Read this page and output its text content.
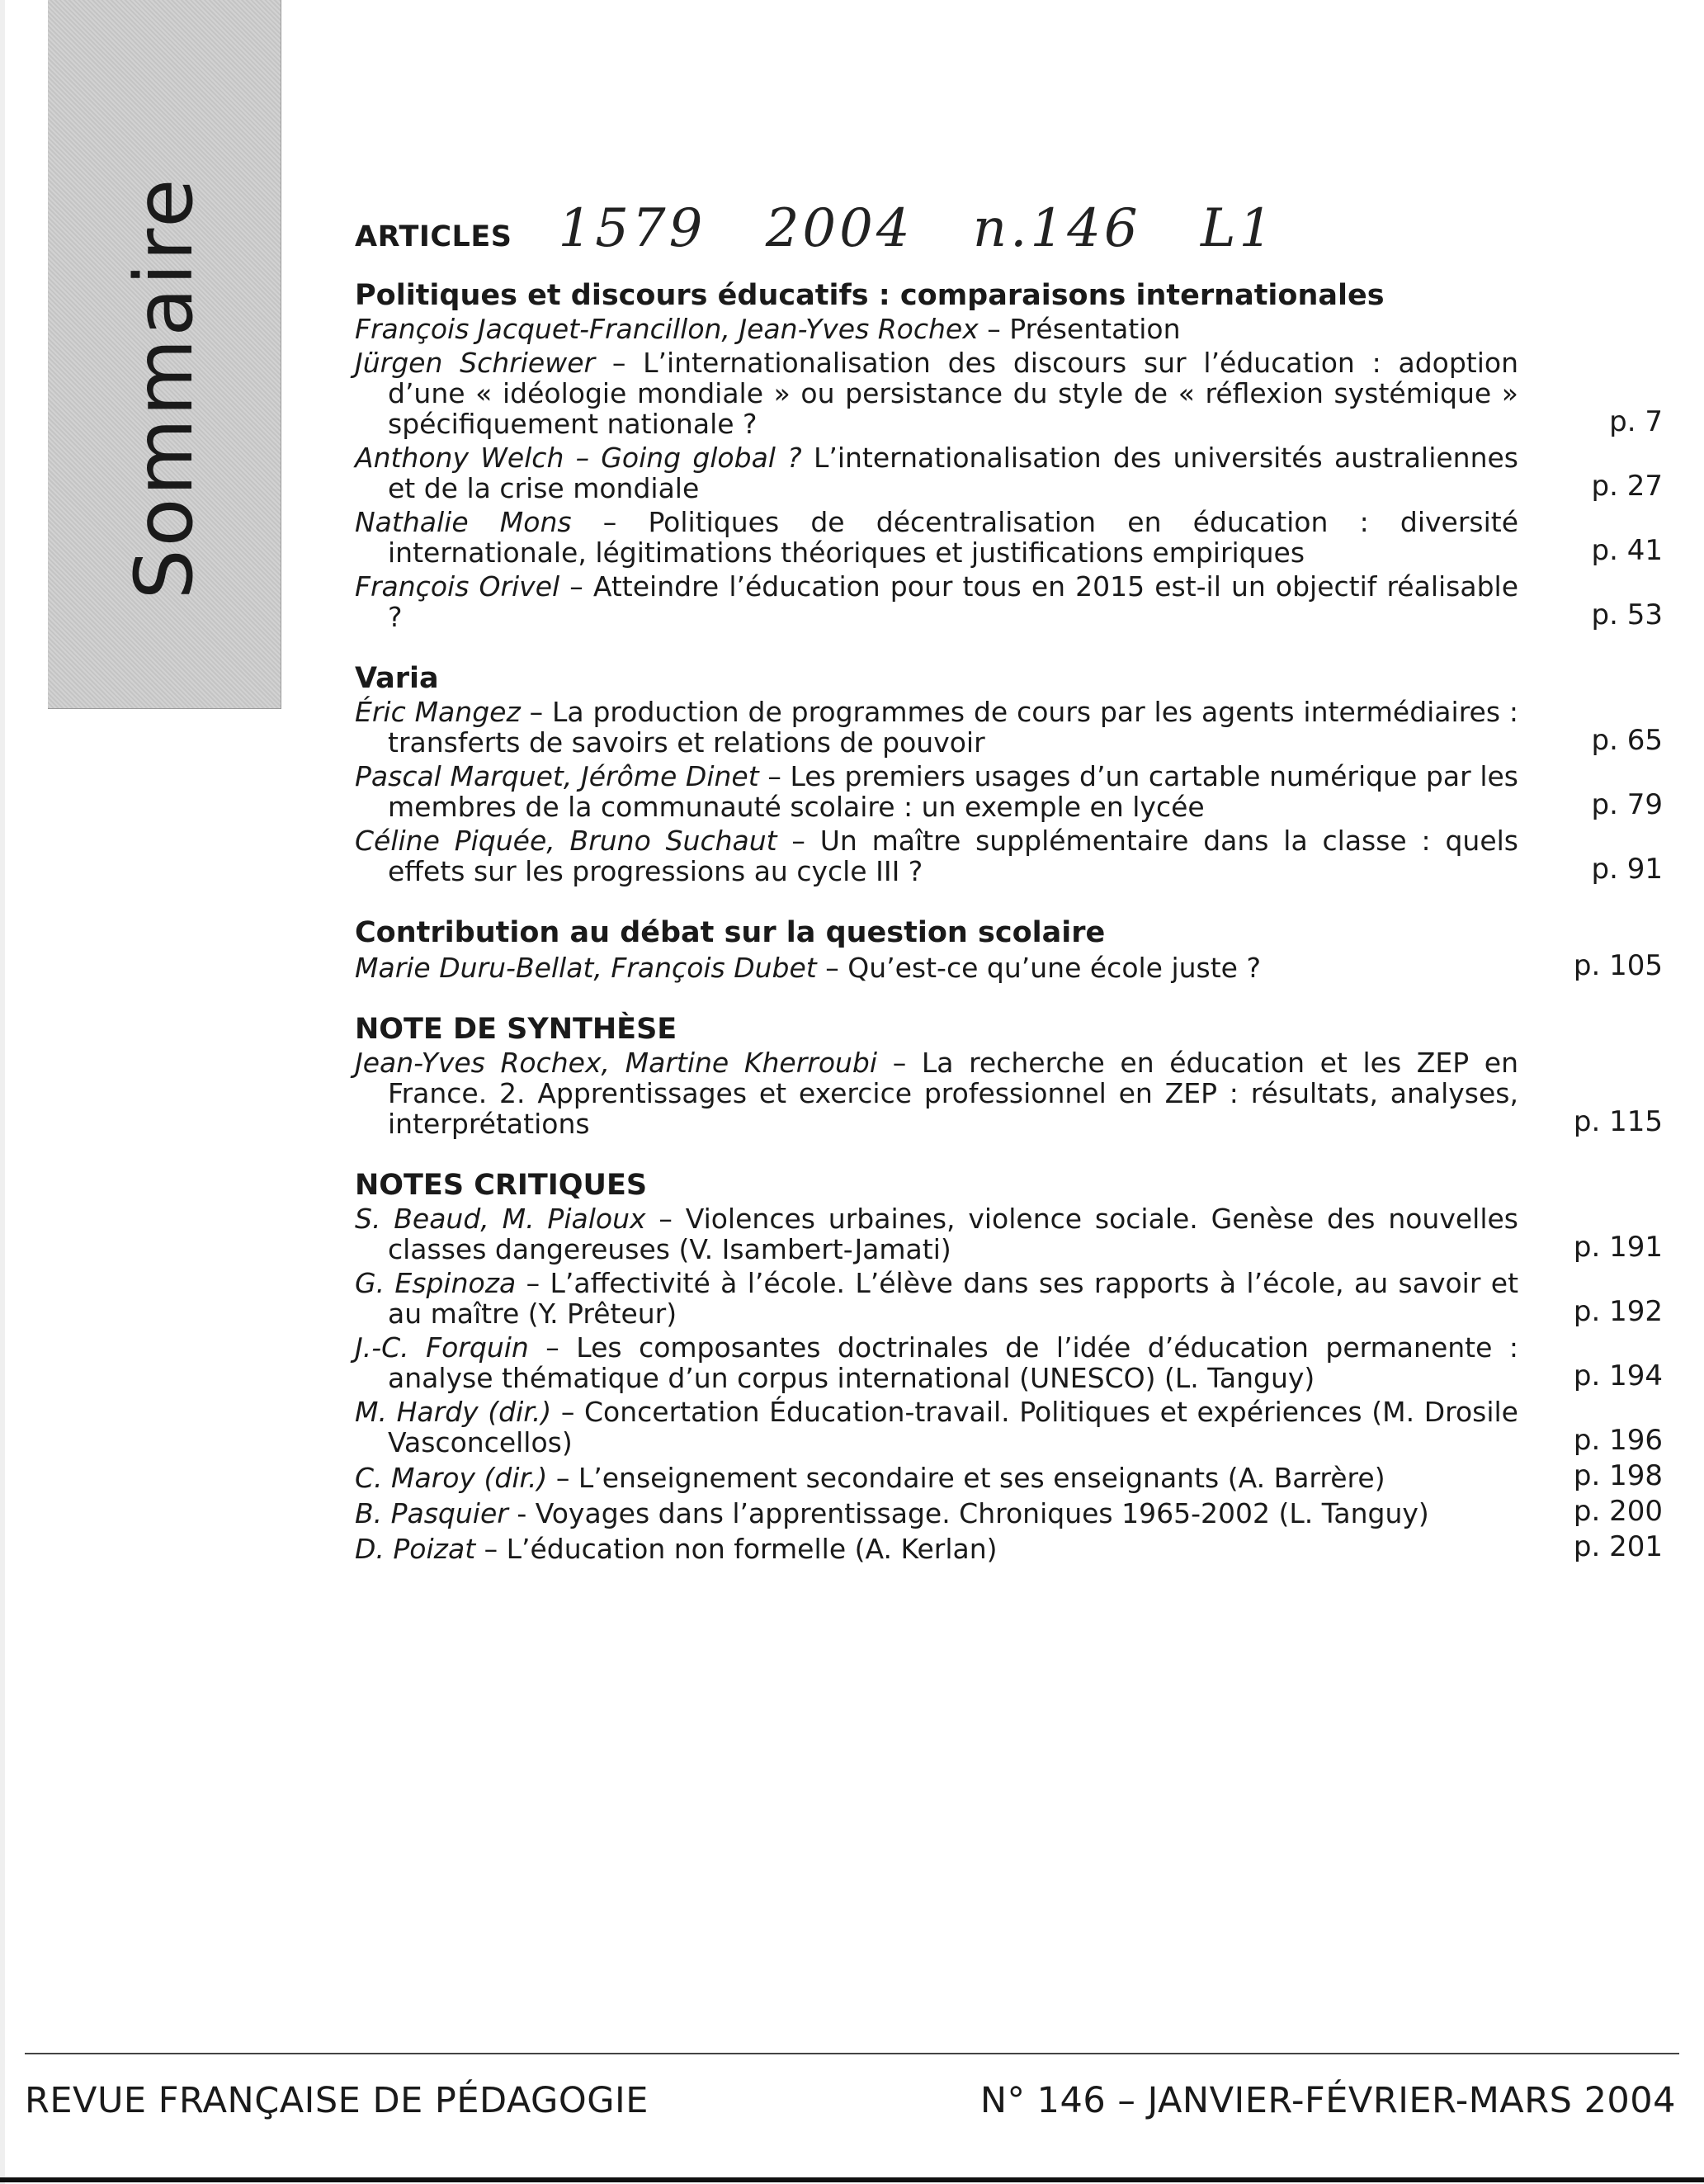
Sommaire	ARTICLES 1579 2004 n.146 L1
Politiques et discours éducatifs : comparaisons internationales
François Jacquet-Francillon, Jean-Yves Rochex – Présentation
Jürgen Schriewer – L’internationalisation des discours sur l’éducation : adoption d’une « idéologie mondiale » ou persistance du style de « réflexion systémique » spécifiquement nationale ?	p. 7
Anthony Welch – Going global ? L’internationalisation des universités australiennes et de la crise mondiale	p. 27
Nathalie Mons – Politiques de décentralisation en éducation : diversité internationale, légitimations théoriques et justifications empiriques	p. 41
François Orivel – Atteindre l’éducation pour tous en 2015 est-il un objectif réalisable ?	p. 53
Varia
Éric Mangez – La production de programmes de cours par les agents intermédiaires : transferts de savoirs et relations de pouvoir	p. 65
Pascal Marquet, Jérôme Dinet – Les premiers usages d’un cartable numérique par les membres de la communauté scolaire : un exemple en lycée	p. 79
Céline Piquée, Bruno Suchaut – Un maître supplémentaire dans la classe : quels effets sur les progressions au cycle III ?	p. 91
Contribution au débat sur la question scolaire
Marie Duru-Bellat, François Dubet – Qu’est-ce qu’une école juste ?	p. 105
NOTE DE SYNTHÈSE
Jean-Yves Rochex, Martine Kherroubi – La recherche en éducation et les ZEP en France. 2. Apprentissages et exercice professionnel en ZEP : résultats, analyses, interprétations	p. 115
NOTES CRITIQUES
S. Beaud, M. Pialoux – Violences urbaines, violence sociale. Genèse des nouvelles classes dangereuses (V. Isambert-Jamati)	p. 191
G. Espinoza – L’affectivité à l’école. L’élève dans ses rapports à l’école, au savoir et au maître (Y. Prêteur)	p. 192
J.-C. Forquin – Les composantes doctrinales de l’idée d’éducation permanente : analyse thématique d’un corpus international (UNESCO) (L. Tanguy)	p. 194
M. Hardy (dir.) – Concertation Éducation-travail. Politiques et expériences (M. Drosile Vasconcellos)	p. 196
C. Maroy (dir.) – L’enseignement secondaire et ses enseignants (A. Barrère)	p. 198
B. Pasquier - Voyages dans l’apprentissage. Chroniques 1965-2002 (L. Tanguy)	p. 200
D. Poizat – L’éducation non formelle (A. Kerlan)	p. 201
REVUE FRANÇAISE DE PÉDAGOGIE	N° 146 – JANVIER-FÉVRIER-MARS 2004
